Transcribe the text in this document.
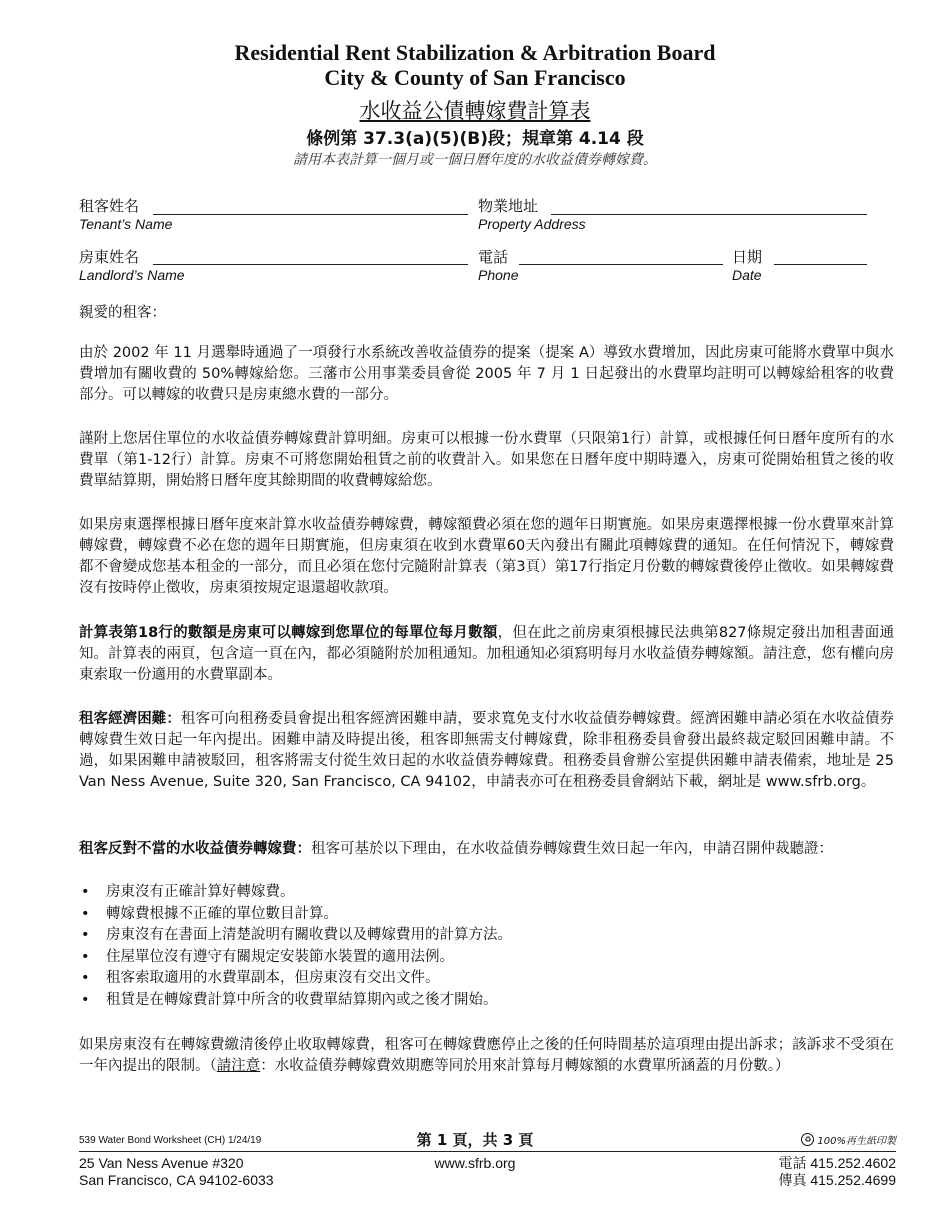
Residential Rent Stabilization & Arbitration Board
City & County of San Francisco
水收益公債轉嫁費計算表
條例第 37.3(a)(5)(B)段；規章第 4.14 段
請用本表計算一個月或一個日曆年度的水收益債券轉嫁費。
租客姓名
Tenant’s Name
物業地址
Property Address
房東姓名
Landlord’s Name
電話
Phone
日期
Date
親愛的租客：
由於 2002 年 11 月選舉時通過了一項發行水系統改善收益債券的提案（提案 A）導致水費增加，因此房東可能將水費單中與水費增加有關收費的 50%轉嫁給您。三藩市公用事業委員會從 2005 年 7 月 1 日起發出的水費單均註明可以轉嫁給租客的收費部分。可以轉嫁的收費只是房東總水費的一部分。
謹附上您居住單位的水收益債券轉嫁費計算明細。房東可以根據一份水費單（只限第1行）計算，或根據任何日曆年度所有的水費單（第1-12行）計算。房東不可將您開始租賃之前的收費計入。如果您在日曆年度中期時遷入，房東可從開始租賃之後的收費單結算期，開始將日曆年度其餘期間的收費轉嫁給您。
如果房東選擇根據日曆年度來計算水收益債券轉嫁費，轉嫁額費必須在您的週年日期實施。如果房東選擇根據一份水費單來計算轉嫁費，轉嫁費不必在您的週年日期實施，但房東須在收到水費單60天內發出有關此項轉嫁費的通知。在任何情況下，轉嫁費都不會變成您基本租金的一部分，而且必須在您付完隨附計算表（第3頁）第17行指定月份數的轉嫁費後停止徵收。如果轉嫁費沒有按時停止徵收，房東須按規定退還超收款項。
計算表第18行的數額是房東可以轉嫁到您單位的每單位每月數額，但在此之前房東須根據民法典第827條規定發出加租書面通知。計算表的兩頁，包含這一頁在內，都必須隨附於加租通知。加租通知必須寫明每月水收益債券轉嫁額。請注意，您有權向房東索取一份適用的水費單副本。
租客經濟困難：租客可向租務委員會提出租客經濟困難申請，要求寬免支付水收益債券轉嫁費。經濟困難申請必須在水收益債券轉嫁費生效日起一年內提出。困難申請及時提出後，租客即無需支付轉嫁費，除非租務委員會發出最終裁定駁回困難申請。不過，如果困難申請被駁回，租客將需支付從生效日起的水收益債券轉嫁費。租務委員會辦公室提供困難申請表備索，地址是 25 Van Ness Avenue, Suite 320, San Francisco, CA 94102，申請表亦可在租務委員會網站下載，網址是 www.sfrb.org。
租客反對不當的水收益債券轉嫁費：租客可基於以下理由，在水收益債券轉嫁費生效日起一年內，申請召開仲裁聽證：
• 房東沒有正確計算好轉嫁費。
• 轉嫁費根據不正確的單位數目計算。
• 房東沒有在書面上清楚說明有關收費以及轉嫁費用的計算方法。
• 住屋單位沒有遵守有關規定安裝節水裝置的適用法例。
• 租客索取適用的水費單副本，但房東沒有交出文件。
• 租賃是在轉嫁費計算中所含的收費單結算期內或之後才開始。
如果房東沒有在轉嫁費繳清後停止收取轉嫁費，租客可在轉嫁費應停止之後的任何時間基於這項理由提出訴求；該訴求不受須在一年內提出的限制。（請注意：水收益債券轉嫁費效期應等同於用來計算每月轉嫁額的水費單所涵蓋的月份數。）
539 Water Bond Worksheet (CH) 1/24/19	第 1 頁，共 3 頁	♻ 100%再生紙印製
25 Van Ness Avenue #320
San Francisco, CA 94102-6033
www.sfrb.org	電話 415.252.4602
傳真 415.252.4699
